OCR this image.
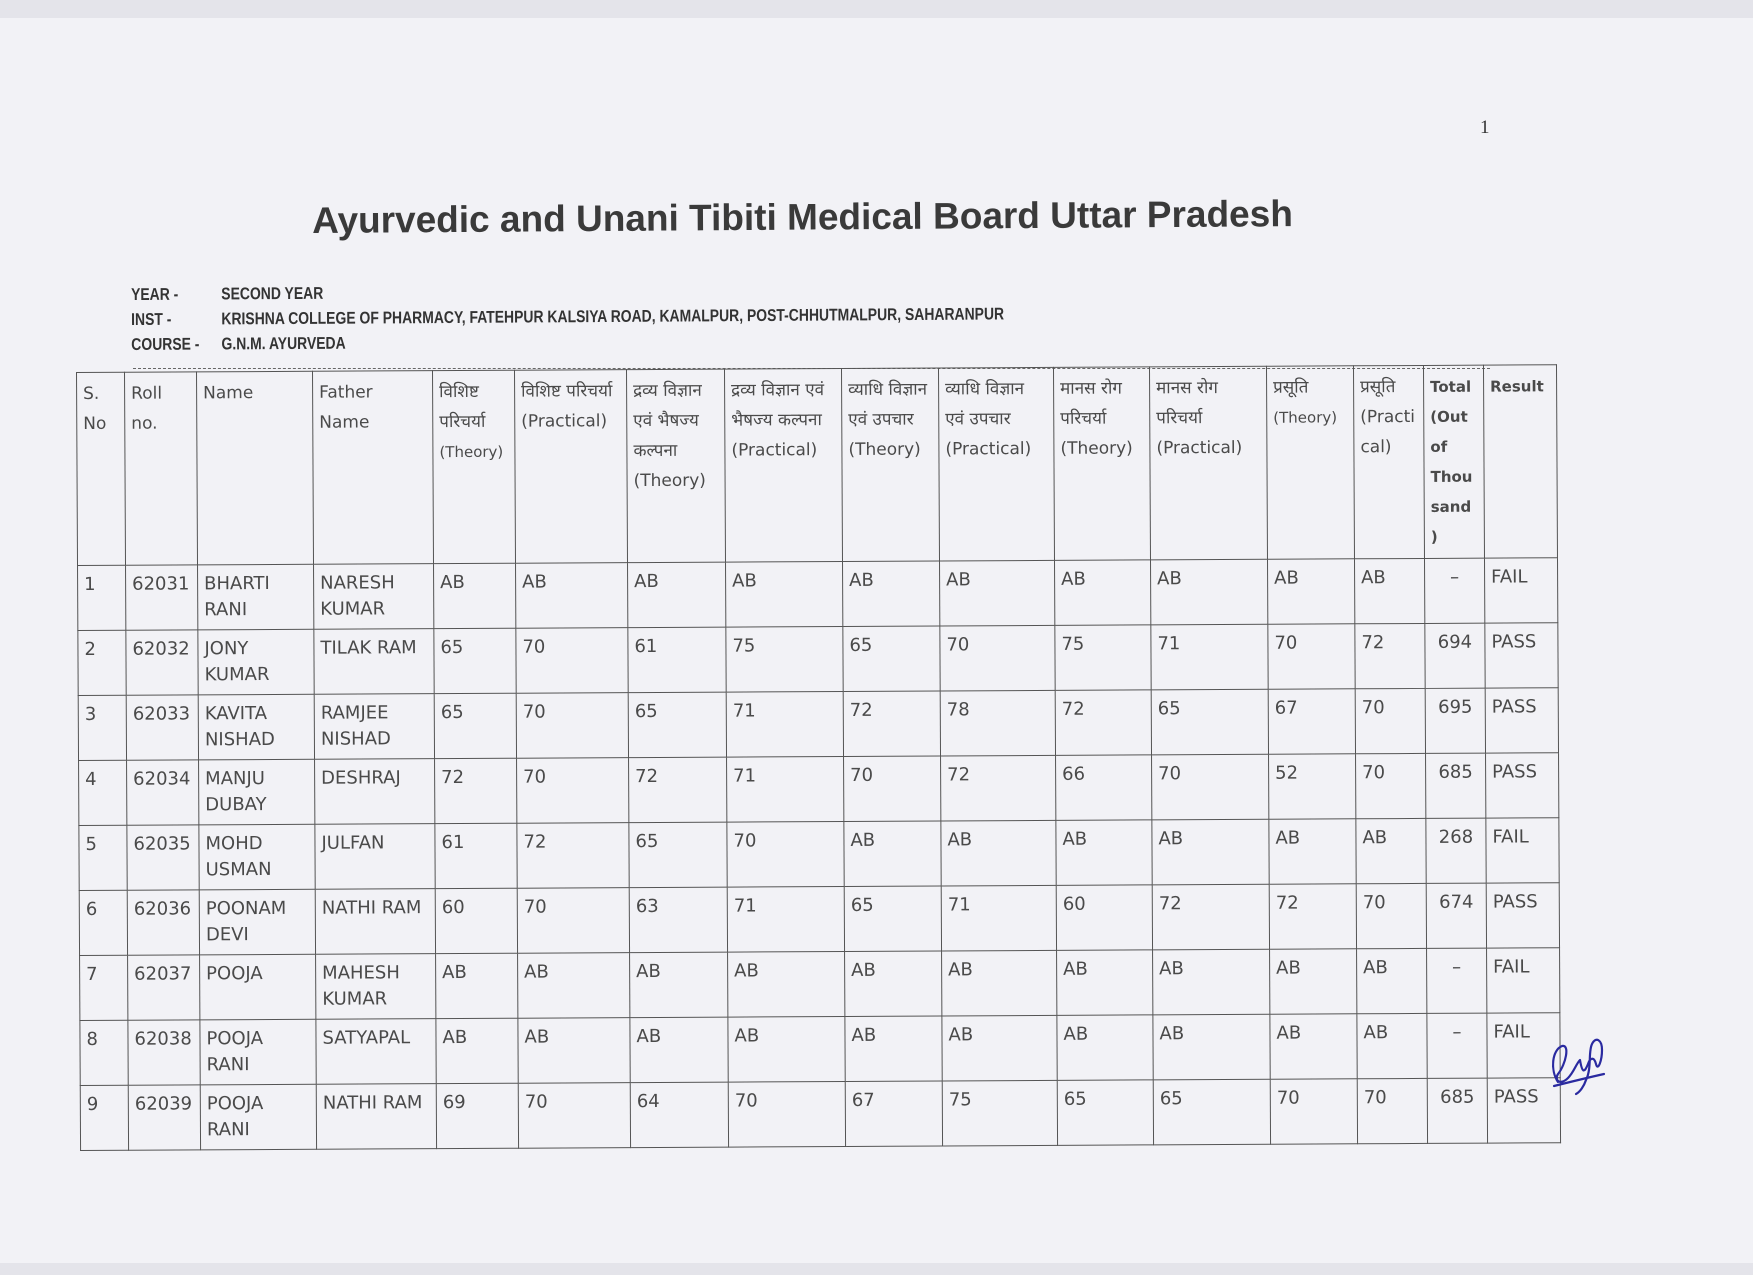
1
Ayurvedic and Unani Tibiti Medical Board Uttar Pradesh
YEAR -	SECOND YEAR
INST -	KRISHNA COLLEGE OF PHARMACY, FATEHPUR KALSIYA ROAD, KAMALPUR, POST-CHHUTMALPUR, SAHARANPUR
COURSE -	G.N.M. AYURVEDA
S. No	Roll no.	Name	Father Name	विशिष्ट परिचर्या (Theory)	विशिष्ट परिचर्या (Practical)	द्रव्य विज्ञान एवं भैषज्य कल्पना (Theory)	द्रव्य विज्ञान एवं भैषज्य कल्पना (Practical)	व्याधि विज्ञान एवं उपचार (Theory)	व्याधि विज्ञान एवं उपचार (Practical)	मानस रोग परिचर्या (Theory)	मानस रोग परिचर्या (Practical)	प्रसूति (Theory)	प्रसूति (Practical)	Total (Out of Thousand)	Result
1	62031	BHARTI RANI	NARESH KUMAR	AB	AB	AB	AB	AB	AB	AB	AB	AB	AB	–	FAIL
2	62032	JONY KUMAR	TILAK RAM	65	70	61	75	65	70	75	71	70	72	694	PASS
3	62033	KAVITA NISHAD	RAMJEE NISHAD	65	70	65	71	72	78	72	65	67	70	695	PASS
4	62034	MANJU DUBAY	DESHRAJ	72	70	72	71	70	72	66	70	52	70	685	PASS
5	62035	MOHD USMAN	JULFAN	61	72	65	70	AB	AB	AB	AB	AB	AB	268	FAIL
6	62036	POONAM DEVI	NATHI RAM	60	70	63	71	65	71	60	72	72	70	674	PASS
7	62037	POOJA	MAHESH KUMAR	AB	AB	AB	AB	AB	AB	AB	AB	AB	AB	–	FAIL
8	62038	POOJA RANI	SATYAPAL	AB	AB	AB	AB	AB	AB	AB	AB	AB	AB	–	FAIL
9	62039	POOJA RANI	NATHI RAM	69	70	64	70	67	75	65	65	70	70	685	PASS
